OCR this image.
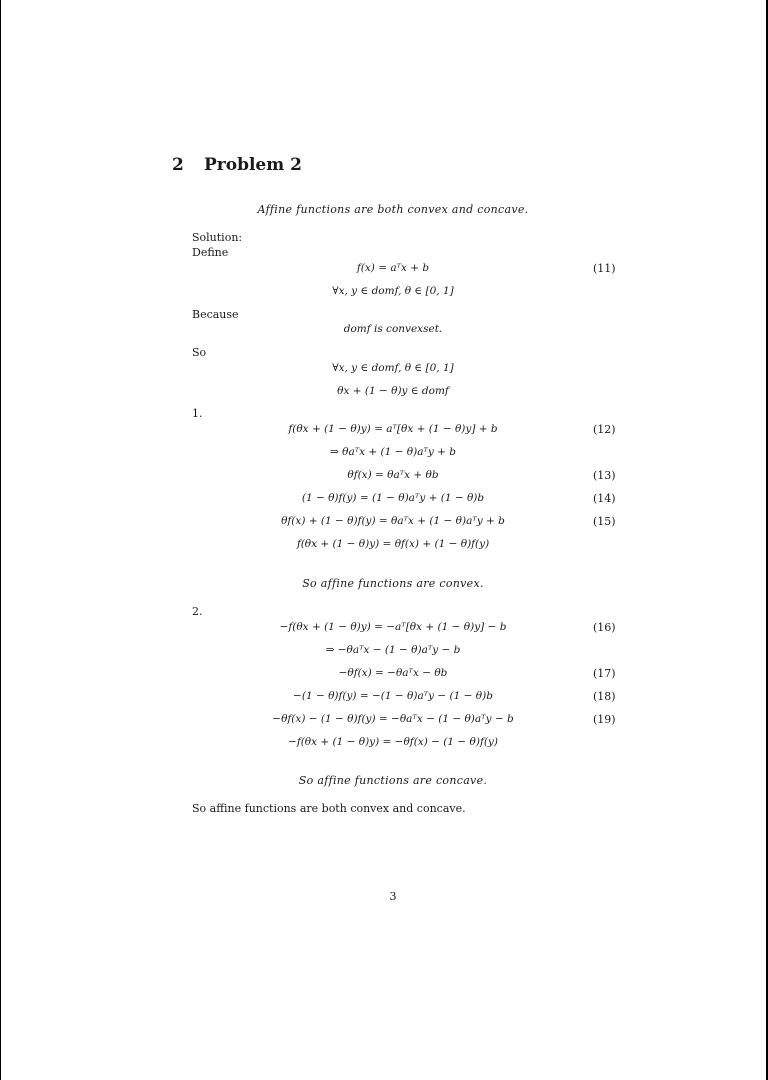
2 Problem 2
Affine functions are both convex and concave.
Solution:
Define
f(x) = aᵀx + b	(11)
∀x, y ∈ domf, θ ∈ [0, 1]
Because
domf is convexset.
So
∀x, y ∈ domf, θ ∈ [0, 1]
θx + (1 − θ)y ∈ domf
1.
f(θx + (1 − θ)y) = aᵀ[θx + (1 − θ)y] + b	(12)
⇒ θaᵀx + (1 − θ)aᵀy + b
θf(x) = θaᵀx + θb	(13)
(1 − θ)f(y) = (1 − θ)aᵀy + (1 − θ)b	(14)
θf(x) + (1 − θ)f(y) = θaᵀx + (1 − θ)aᵀy + b	(15)
f(θx + (1 − θ)y) = θf(x) + (1 − θ)f(y)
So affine functions are convex.
2.
−f(θx + (1 − θ)y) = −aᵀ[θx + (1 − θ)y] − b	(16)
⇒ −θaᵀx − (1 − θ)aᵀy − b
−θf(x) = −θaᵀx − θb	(17)
−(1 − θ)f(y) = −(1 − θ)aᵀy − (1 − θ)b	(18)
−θf(x) − (1 − θ)f(y) = −θaᵀx − (1 − θ)aᵀy − b	(19)
−f(θx + (1 − θ)y) = −θf(x) − (1 − θ)f(y)
So affine functions are concave.
So affine functions are both convex and concave.
3
